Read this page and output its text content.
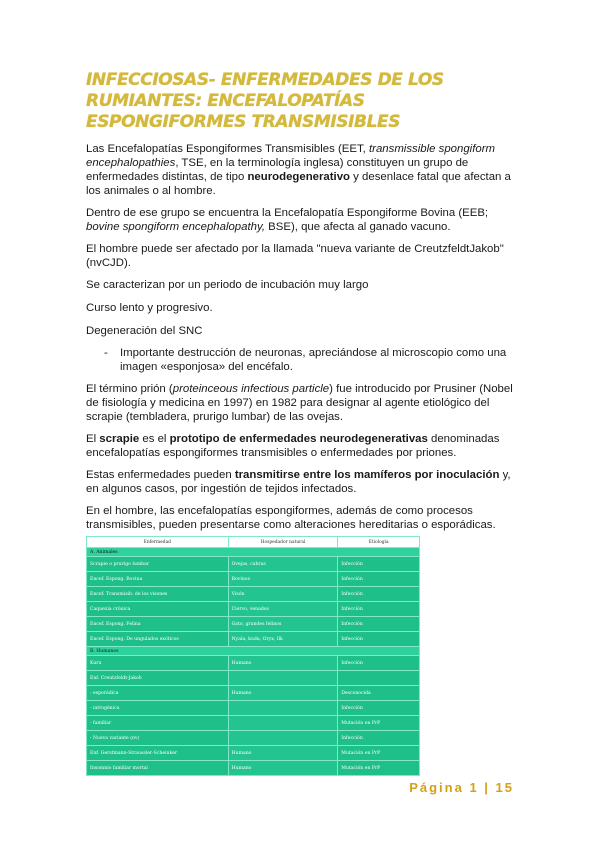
INFECCIOSAS- ENFERMEDADES DE LOS RUMIANTES: ENCEFALOPATÍAS ESPONGIFORMES TRANSMISIBLES

Las Encefalopatías Espongiformes Transmisibles (EET, transmissible spongiform encephalopathies, TSE, en la terminología inglesa) constituyen un grupo de enfermedades distintas, de tipo neurodegenerativo y desenlace fatal que afectan a los animales o al hombre.

Dentro de ese grupo se encuentra la Encefalopatía Espongiforme Bovina (EEB; bovine spongiform encephalopathy, BSE), que afecta al ganado vacuno.

El hombre puede ser afectado por la llamada "nueva variante de CreutzfeldtJakob" (nvCJD).

Se caracterizan por un periodo de incubación muy largo

Curso lento y progresivo.

Degeneración del SNC

-	Importante destrucción de neuronas, apreciándose al microscopio como una imagen «esponjosa» del encéfalo.

El término prión (proteinceous infectious particle) fue introducido por Prusiner (Nobel de fisiología y medicina en 1997) en 1982 para designar al agente etiológico del scrapie (tembladera, prurigo lumbar) de las ovejas.

El scrapie es el prototipo de enfermedades neurodegenerativas denominadas encefalopatías espongiformes transmisibles o enfermedades por priones.

Estas enfermedades pueden transmitirse entre los mamíferos por inoculación y, en algunos casos, por ingestión de tejidos infectados.

En el hombre, las encefalopatías espongiformes, además de como procesos transmisibles, pueden presentarse como alteraciones hereditarias o esporádicas.

Enfermedad	Hospedador natural	Etiología
A. Animales		
Scrapie o prurigo lumbar	Ovejas, cabras	Infección
Encef. Espong. Bovina	Bovinos	Infección
Encef. Transmisib. de los visones	Visón	Infección
Caquexia crónica	Ciervo, venados	Infección
Encef. Espong. Felina	Gato, grandes felinos	Infección
Encef. Espong. De ungulados exóticos	Nyala, kudu, Oryx, Ilk	Infección
B. Humanos		
Kuru	Humano	Infección
Enf. Creutzfeldt-Jakob		
- esporádica	Humano	Desconocida
- iatrogénica		Infección
- familiar		Mutación en PrP
- Nueva variante (nv)		Infección
Enf. Gerstmann-Straussler-Scheinker	Humano	Mutación en PrP
Insomnio familiar mortal	Humano	Mutación en PrP
Página 1 | 15
